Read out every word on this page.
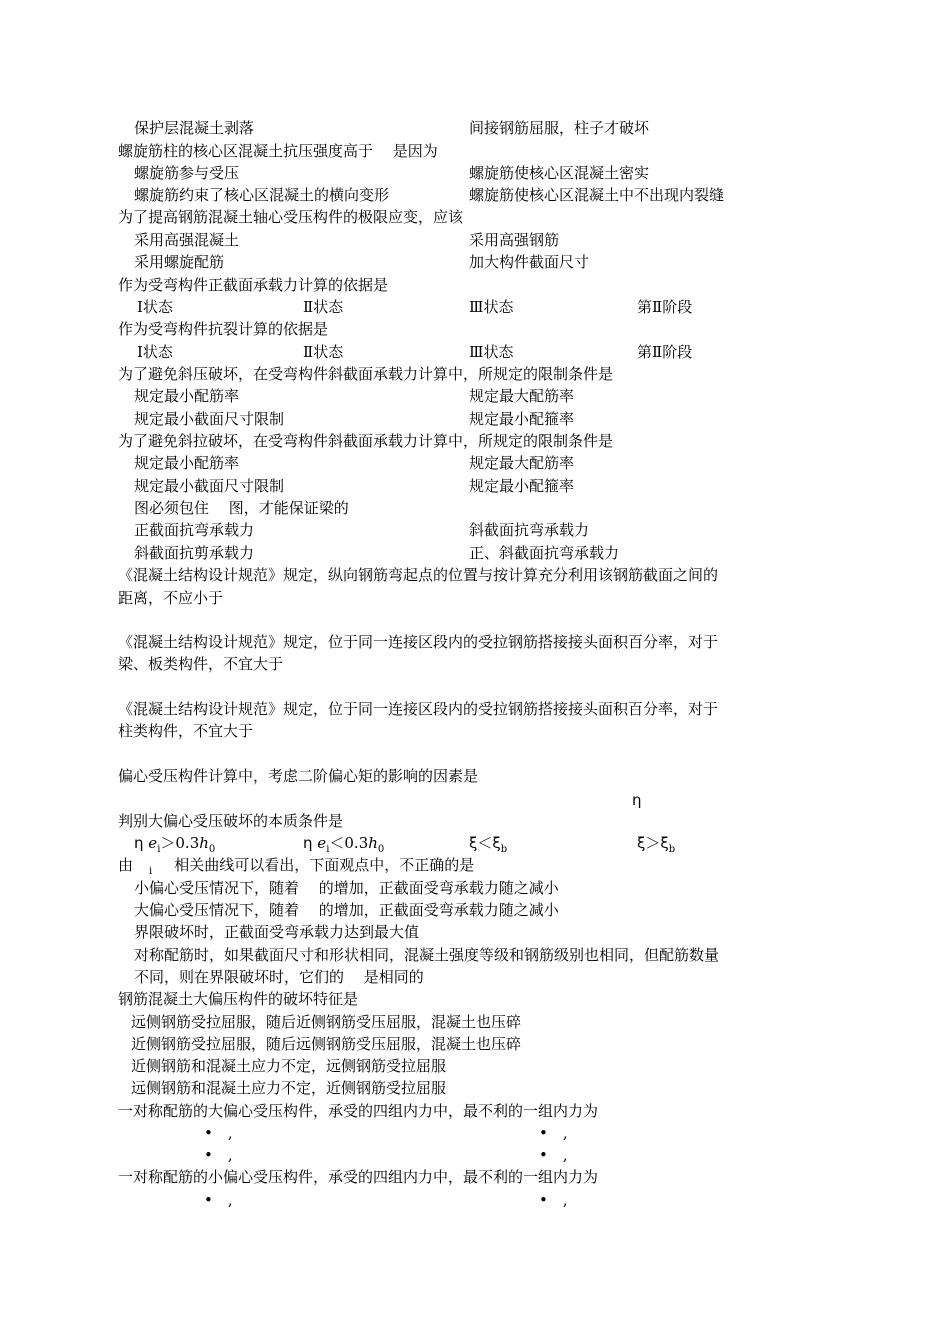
保护层混凝土剥落	间接钢筋屈服，柱子才破坏
螺旋筋柱的核心区混凝土抗压强度高于　 是因为
螺旋筋参与受压	螺旋筋使核心区混凝土密实
螺旋筋约束了核心区混凝土的横向变形	螺旋筋使核心区混凝土中不出现内裂缝
为了提高钢筋混凝土轴心受压构件的极限应变，应该
采用高强混凝土	采用高强钢筋
采用螺旋配筋	加大构件截面尺寸
作为受弯构件正截面承载力计算的依据是
Ⅰ状态	Ⅱ状态	Ⅲ状态	第Ⅱ阶段
作为受弯构件抗裂计算的依据是
Ⅰ状态	Ⅱ状态	Ⅲ状态	第Ⅱ阶段
为了避免斜压破坏，在受弯构件斜截面承载力计算中，所规定的限制条件是
规定最小配筋率	规定最大配筋率
规定最小截面尺寸限制	规定最小配箍率
为了避免斜拉破坏，在受弯构件斜截面承载力计算中，所规定的限制条件是
规定最小配筋率	规定最大配筋率
规定最小截面尺寸限制	规定最小配箍率
图必须包住　 图，才能保证梁的
正截面抗弯承载力	斜截面抗弯承载力
斜截面抗剪承载力	正、斜截面抗弯承载力
《混凝土结构设计规范》规定，纵向钢筋弯起点的位置与按计算充分利用该钢筋截面之间的
距离，不应小于
《混凝土结构设计规范》规定，位于同一连接区段内的受拉钢筋搭接接头面积百分率，对于
梁、板类构件，不宜大于
《混凝土结构设计规范》规定，位于同一连接区段内的受拉钢筋搭接接头面积百分率，对于
柱类构件，不宜大于
偏心受压构件计算中，考虑二阶偏心矩的影响的因素是
η
判别大偏心受压破坏的本质条件是
η $e_i>0.3h_0$	η $e_i<0.3h_0$	$\xi<\xi_b$	$\xi>\xi_b$
由 $_i$ 相关曲线可以看出，下面观点中，不正确的是
小偏心受压情况下，随着　 的增加，正截面受弯承载力随之减小
大偏心受压情况下，随着　 的增加，正截面受弯承载力随之减小
界限破坏时，正截面受弯承载力达到最大值
对称配筋时，如果截面尺寸和形状相同，混凝土强度等级和钢筋级别也相同，但配筋数量
不同，则在界限破坏时，它们的　 是相同的
钢筋混凝土大偏压构件的破坏特征是
远侧钢筋受拉屈服，随后近侧钢筋受压屈服，混凝土也压碎
近侧钢筋受拉屈服，随后远侧钢筋受压屈服，混凝土也压碎
近侧钢筋和混凝土应力不定，远侧钢筋受拉屈服
远侧钢筋和混凝土应力不定，近侧钢筋受拉屈服
一对称配筋的大偏心受压构件，承受的四组内力中，最不利的一组内力为
•　,	•　,
•　,	•　,
一对称配筋的小偏心受压构件，承受的四组内力中，最不利的一组内力为
•　,	•　,
